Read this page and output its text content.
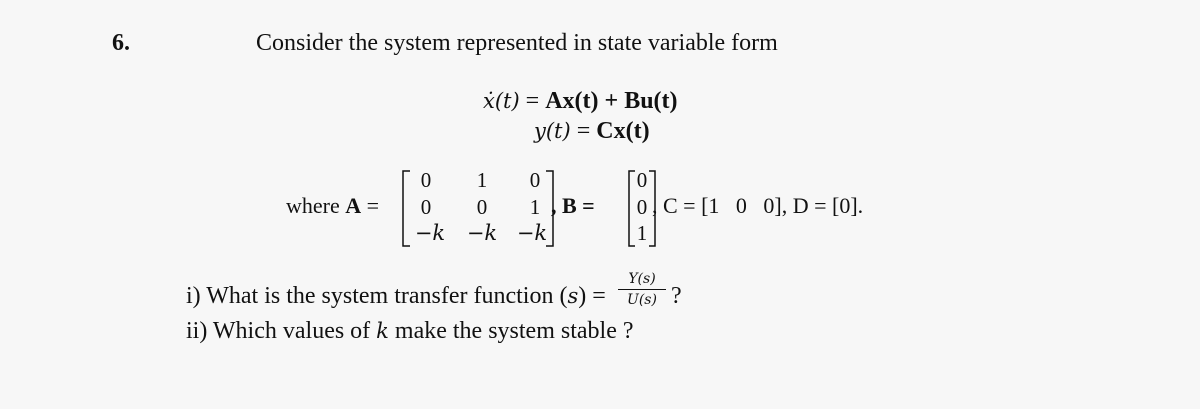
6.	Consider the system represented in state variable form
ẋ(t) = Ax(t) + Bu(t)
y(t) = Cx(t)
where A =
0	1	0
0	0	1
−k −k −k
, B =
0
0
1
, C = [1   0   0], D = [0].
i) What is the system transfer function (s) =
Y(s)
U(s) ?
ii) Which values of k make the system stable ?
